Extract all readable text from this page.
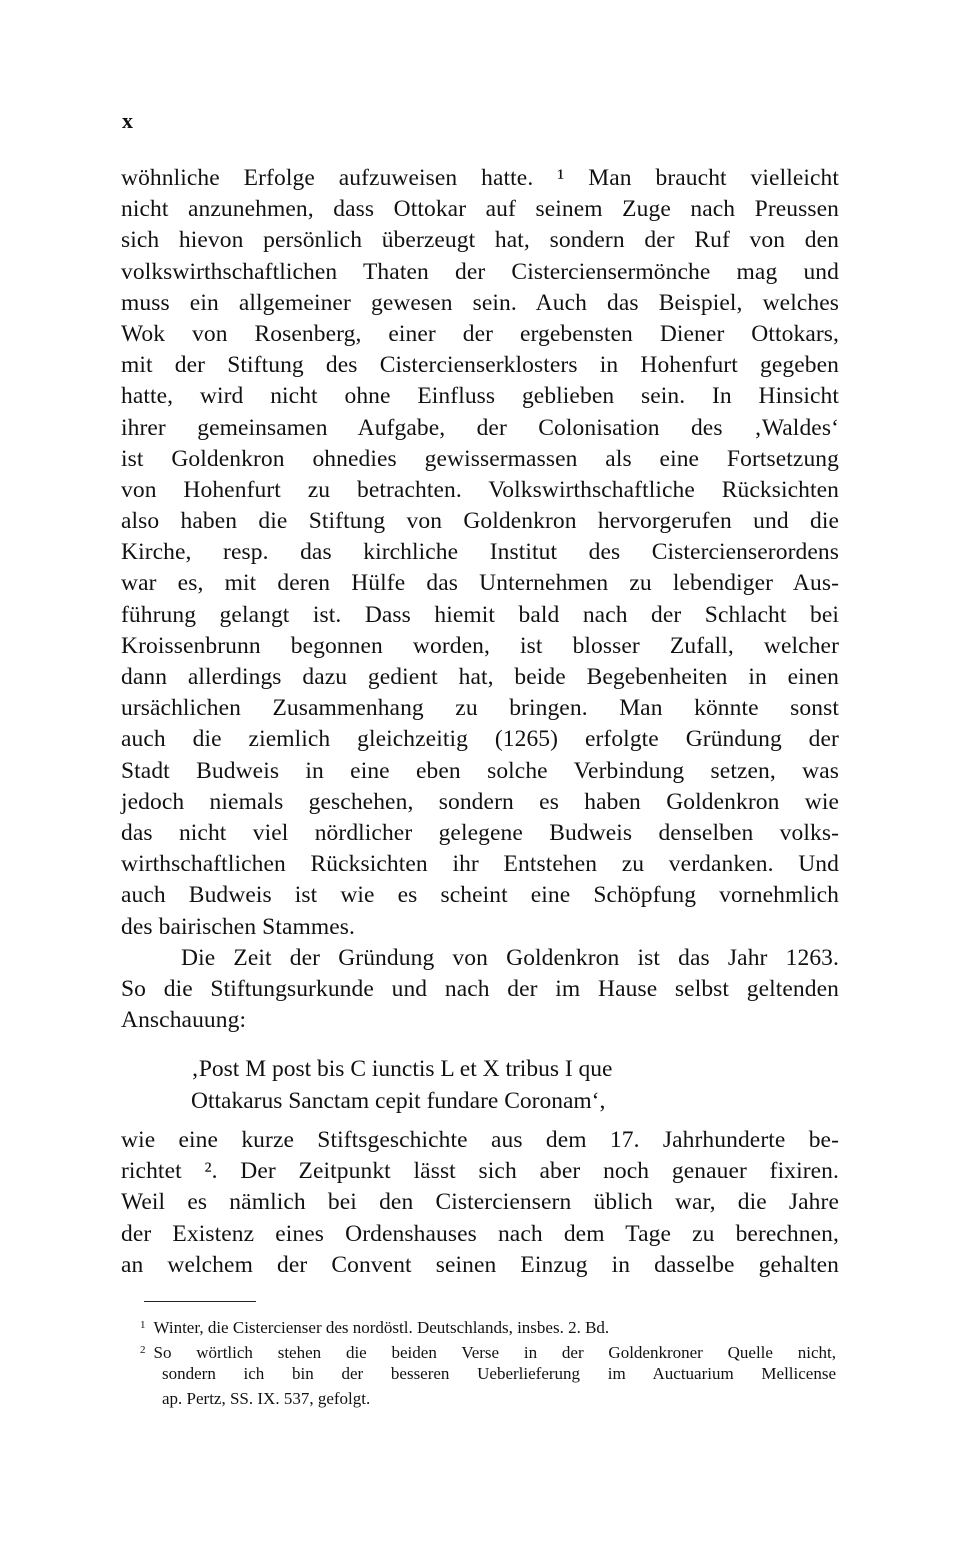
x
wöhnliche Erfolge aufzuweisen hatte. ¹ Man braucht vielleicht
nicht anzunehmen, dass Ottokar auf seinem Zuge nach Preussen
sich hievon persönlich überzeugt hat, sondern der Ruf von den
volkswirthschaftlichen Thaten der Cisterciensermönche mag und
muss ein allgemeiner gewesen sein. Auch das Beispiel, welches
Wok von Rosenberg, einer der ergebensten Diener Ottokars,
mit der Stiftung des Cistercienserklosters in Hohenfurt gegeben
hatte, wird nicht ohne Einfluss geblieben sein. In Hinsicht
ihrer gemeinsamen Aufgabe, der Colonisation des ‚Waldes‘
ist Goldenkron ohnedies gewissermassen als eine Fortsetzung
von Hohenfurt zu betrachten. Volkswirthschaftliche Rücksichten
also haben die Stiftung von Goldenkron hervorgerufen und die
Kirche, resp. das kirchliche Institut des Cistercienserordens
war es, mit deren Hülfe das Unternehmen zu lebendiger Aus-
führung gelangt ist. Dass hiemit bald nach der Schlacht bei
Kroissenbrunn begonnen worden, ist blosser Zufall, welcher
dann allerdings dazu gedient hat, beide Begebenheiten in einen
ursächlichen Zusammenhang zu bringen. Man könnte sonst
auch die ziemlich gleichzeitig (1265) erfolgte Gründung der
Stadt Budweis in eine eben solche Verbindung setzen, was
jedoch niemals geschehen, sondern es haben Goldenkron wie
das nicht viel nördlicher gelegene Budweis denselben volks-
wirthschaftlichen Rücksichten ihr Entstehen zu verdanken. Und
auch Budweis ist wie es scheint eine Schöpfung vornehmlich
des bairischen Stammes.
Die Zeit der Gründung von Goldenkron ist das Jahr 1263.
So die Stiftungsurkunde und nach der im Hause selbst geltenden
Anschauung:
‚Post M post bis C iunctis L et X tribus I que
Ottakarus Sanctam cepit fundare Coronam‘,
wie eine kurze Stiftsgeschichte aus dem 17. Jahrhunderte be-
richtet ². Der Zeitpunkt lässt sich aber noch genauer fixiren.
Weil es nämlich bei den Cisterciensern üblich war, die Jahre
der Existenz eines Ordenshauses nach dem Tage zu berechnen,
an welchem der Convent seinen Einzug in dasselbe gehalten
$^1$ Winter, die Cistercienser des nordöstl. Deutschlands, insbes. 2. Bd.
$^2$ So wörtlich stehen die beiden Verse in der Goldenkroner Quelle nicht,
sondern ich bin der besseren Ueberlieferung im Auctuarium Mellicense
ap. Pertz, SS. IX. 537, gefolgt.
